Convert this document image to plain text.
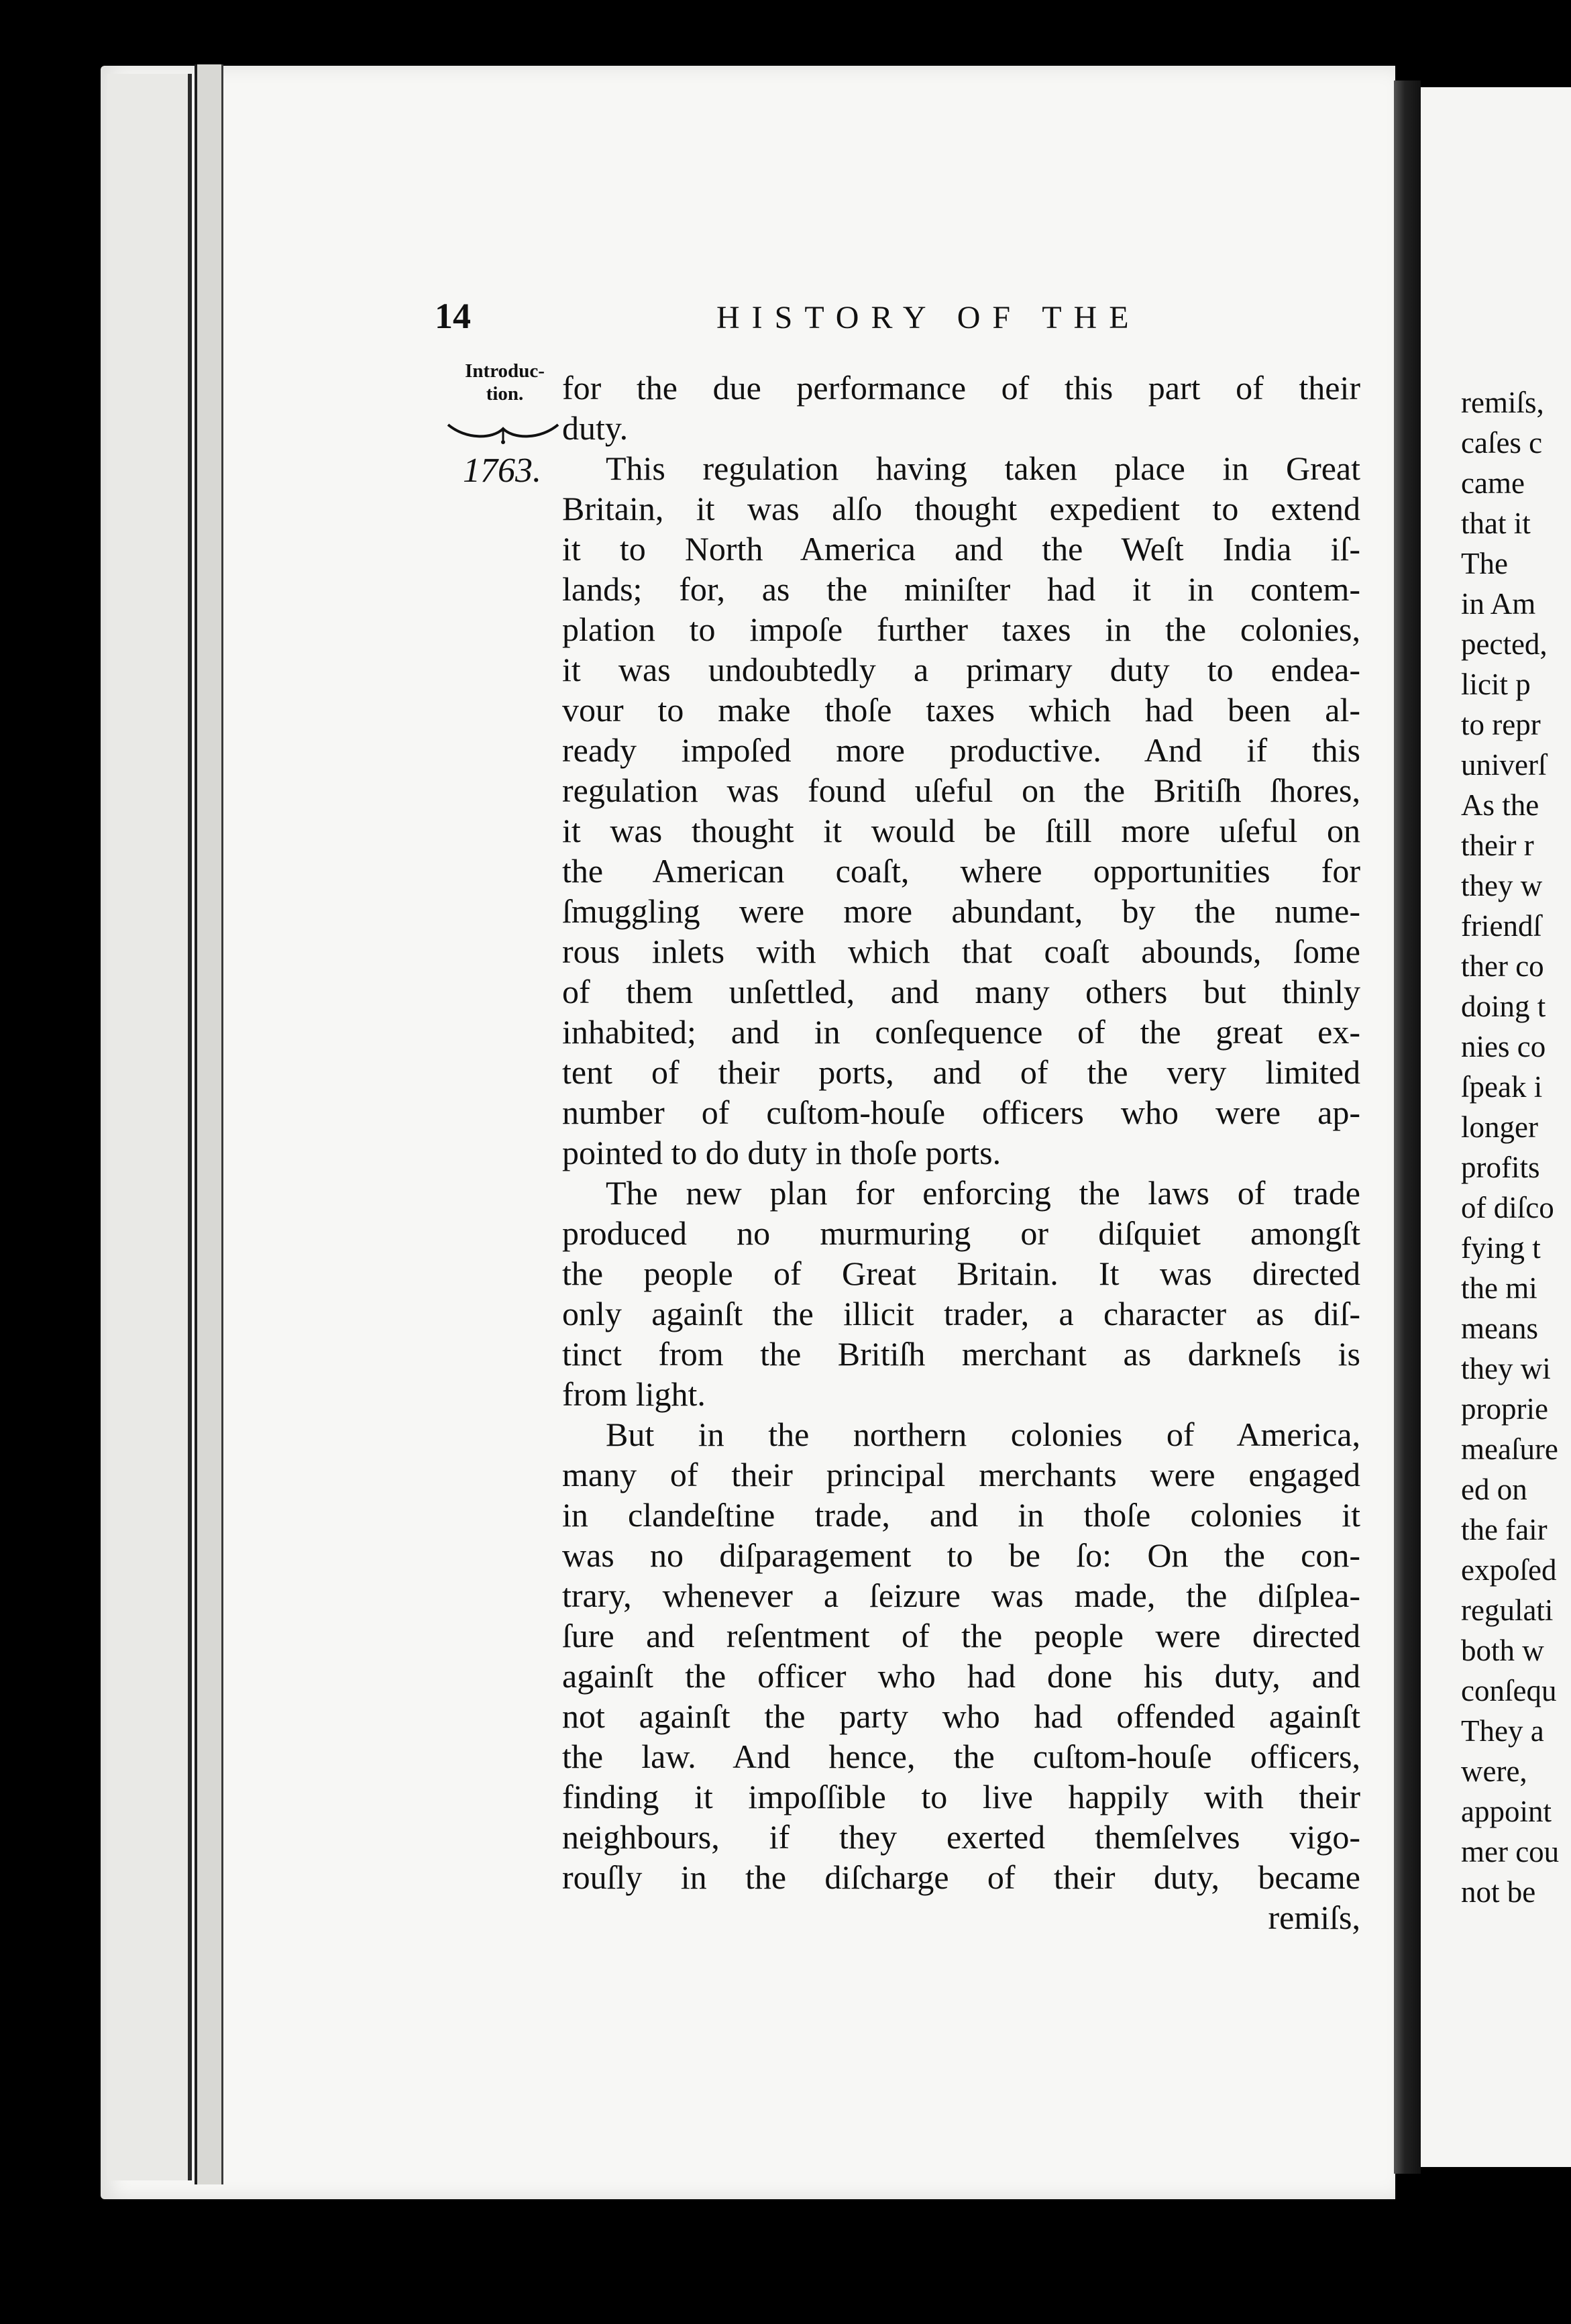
remiſs,
caſes c
came
that it
The
in Am
pected,
licit p
to repr
univerſ
As the
their r
they w
friendſ
ther co
doing t
nies co
ſpeak i
longer
profits
of diſco
fying t
the mi
means
they wi
proprie
meaſure
ed on
the fair
expoſed
regulati
both w
conſequ
They a
were,
appoint
mer cou
not be
14	HISTORY OF THE
Introduc-
tion.
1763.
for the due performance of this part of their
duty.
This regulation having taken place in Great
Britain, it was alſo thought expedient to extend
it to North America and the Weſt India iſ-
lands; for, as the miniſter had it in contem-
plation to impoſe further taxes in the colonies,
it was undoubtedly a primary duty to endea-
vour to make thoſe taxes which had been al-
ready impoſed more productive. And if this
regulation was found uſeful on the Britiſh ſhores,
it was thought it would be ſtill more uſeful on
the American coaſt, where opportunities for
ſmuggling were more abundant, by the nume-
rous inlets with which that coaſt abounds, ſome
of them unſettled, and many others but thinly
inhabited; and in conſequence of the great ex-
tent of their ports, and of the very limited
number of cuſtom-houſe officers who were ap-
pointed to do duty in thoſe ports.
The new plan for enforcing the laws of trade
produced no murmuring or diſquiet amongſt
the people of Great Britain. It was directed
only againſt the illicit trader, a character as diſ-
tinct from the Britiſh merchant as darkneſs is
from light.
But in the northern colonies of America,
many of their principal merchants were engaged
in clandeſtine trade, and in thoſe colonies it
was no diſparagement to be ſo: On the con-
trary, whenever a ſeizure was made, the diſplea-
ſure and reſentment of the people were directed
againſt the officer who had done his duty, and
not againſt the party who had offended againſt
the law. And hence, the cuſtom-houſe officers,
finding it impoſſible to live happily with their
neighbours, if they exerted themſelves vigo-
rouſly in the diſcharge of their duty, became
remiſs,
